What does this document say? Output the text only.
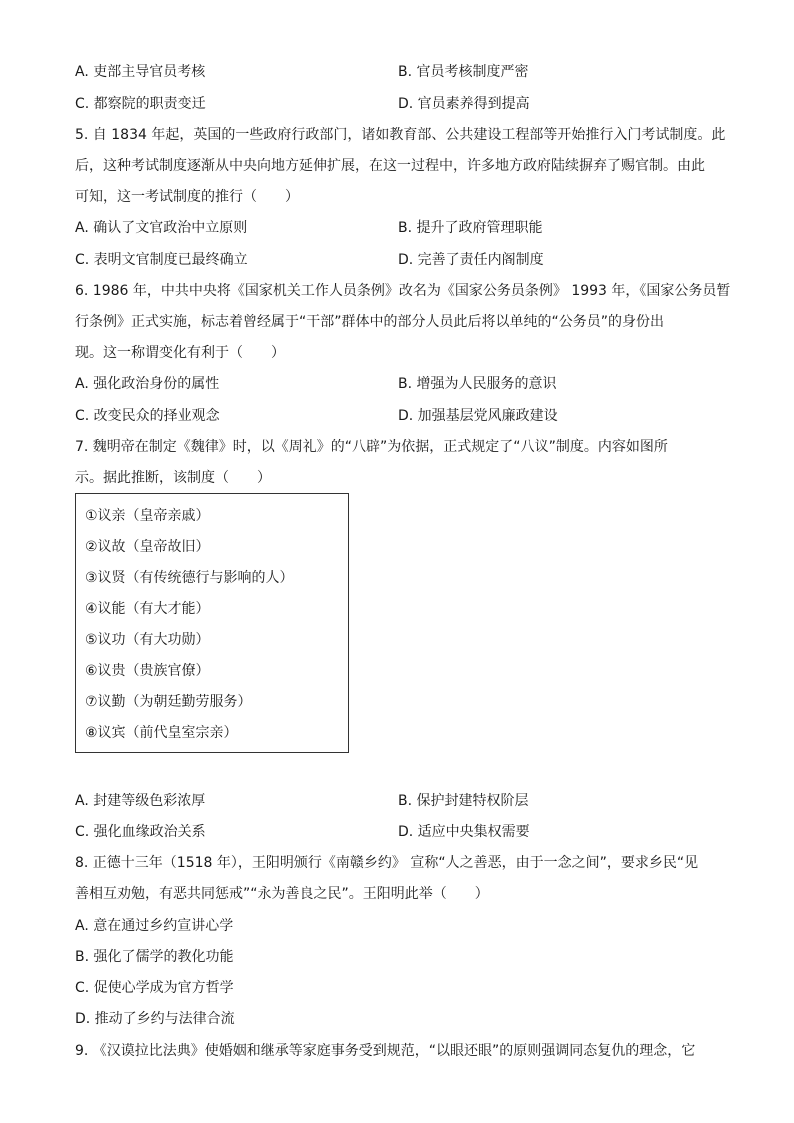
A. 吏部主导官员考核	B. 官员考核制度严密
C. 都察院的职责变迁	D. 官员素养得到提高
5. 自 1834 年起，英国的一些政府行政部门，诸如教育部、公共建设工程部等开始推行入门考试制度。此
后，这种考试制度逐渐从中央向地方延伸扩展，在这一过程中，许多地方政府陆续摒弃了赐官制。由此
可知，这一考试制度的推行（　　）
A. 确认了文官政治中立原则	B. 提升了政府管理职能
C. 表明文官制度已最终确立	D. 完善了责任内阁制度
6. 1986 年，中共中央将《国家机关工作人员条例》改名为《国家公务员条例》 1993 年，《国家公务员暂
行条例》正式实施，标志着曾经属于“干部”群体中的部分人员此后将以单纯的“公务员”的身份出
现。这一称谓变化有利于（　　）
A. 强化政治身份的属性	B. 增强为人民服务的意识
C. 改变民众的择业观念	D. 加强基层党风廉政建设
7. 魏明帝在制定《魏律》时，以《周礼》的“八辟”为依据，正式规定了“八议”制度。内容如图所
示。据此推断，该制度（　　）
①议亲（皇帝亲戚）
②议故（皇帝故旧）
③议贤（有传统德行与影响的人）
④议能（有大才能）
⑤议功（有大功勋）
⑥议贵（贵族官僚）
⑦议勤（为朝廷勤劳服务）
⑧议宾（前代皇室宗亲）
A. 封建等级色彩浓厚	B. 保护封建特权阶层
C. 强化血缘政治关系	D. 适应中央集权需要
8. 正德十三年（1518 年），王阳明颁行《南赣乡约》 宣称“人之善恶，由于一念之间”，要求乡民“见
善相互劝勉，有恶共同惩戒”“永为善良之民”。王阳明此举（　　）
A. 意在通过乡约宣讲心学
B. 强化了儒学的教化功能
C. 促使心学成为官方哲学
D. 推动了乡约与法律合流
9. 《汉谟拉比法典》使婚姻和继承等家庭事务受到规范，“以眼还眼”的原则强调同态复仇的理念，它
